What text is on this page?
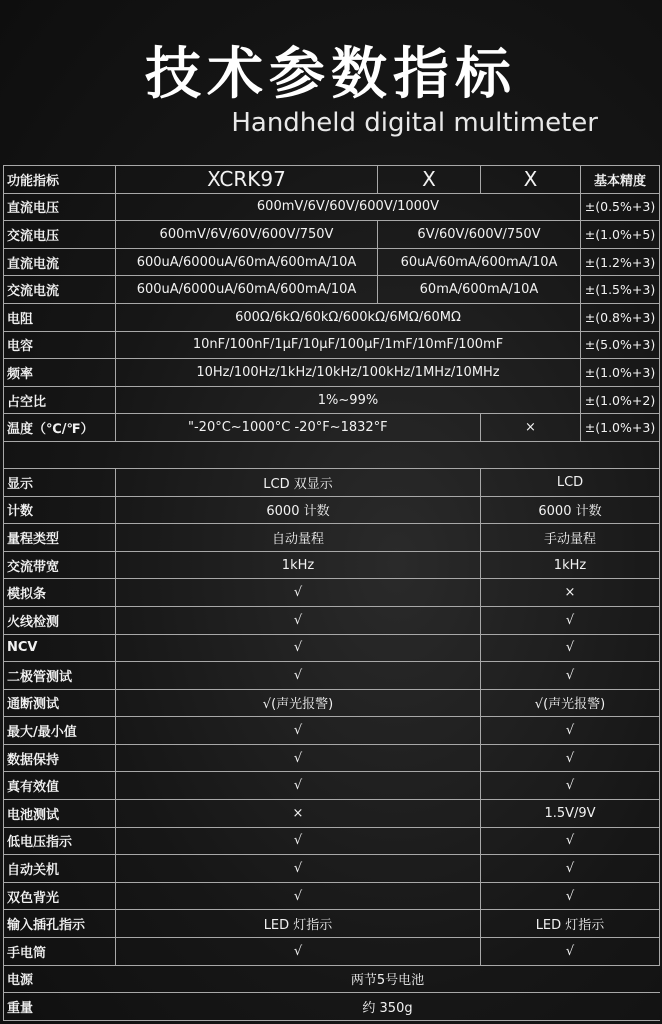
技术参数指标
Handheld digital multimeter
功能指标	XCRK97	X	X	基本精度
直流电压	600mV/6V/60V/600V/1000V			±(0.5%+3)
交流电压	600mV/6V/60V/600V/750V	6V/60V/600V/750V		±(1.0%+5)
直流电流	600uA/6000uA/60mA/600mA/10A	60uA/60mA/600mA/10A		±(1.2%+3)
交流电流	600uA/6000uA/60mA/600mA/10A	60mA/600mA/10A		±(1.5%+3)
电阻	600Ω/6kΩ/60kΩ/600kΩ/6MΩ/60MΩ			±(0.8%+3)
电容	10nF/100nF/1μF/10μF/100μF/1mF/10mF/100mF			±(5.0%+3)
频率	10Hz/100Hz/1kHz/10kHz/100kHz/1MHz/10MHz			±(1.0%+3)
占空比	1%~99%			±(1.0%+2)
温度（℃/℉）	"-20°C~1000°C -20°F~1832°F		×	±(1.0%+3)

显示	LCD 双显示		LCD	
计数	6000 计数		6000 计数	
量程类型	自动量程		手动量程	
交流带宽	1kHz		1kHz	
模拟条	√		×	
火线检测	√		√	
NCV	√		√	
二极管测试	√		√	
通断测试	√(声光报警)		√(声光报警)	
最大/最小值	√		√	
数据保持	√		√	
真有效值	√		√	
电池测试	×		1.5V/9V	
低电压指示	√		√	
自动关机	√		√	
双色背光	√		√	
输入插孔指示	LED 灯指示		LED 灯指示	
手电筒	√		√	
电源	两节5号电池			
重量	约 350g			
